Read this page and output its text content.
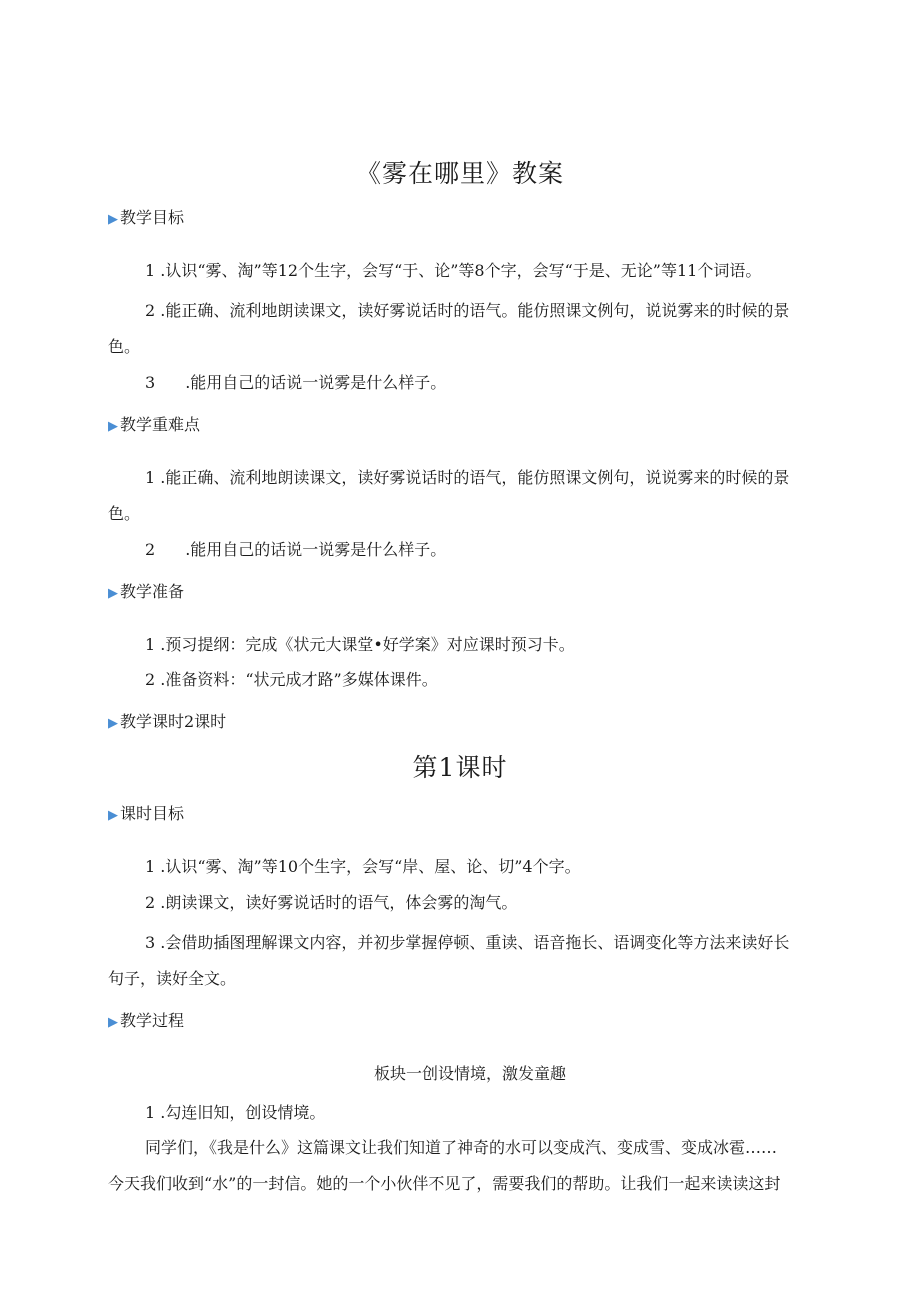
《雾在哪里》教案
▶ 教学目标
1 .认识“雾、淘”等12个生字，会写“于、论”等8个字，会写“于是、无论”等11个词语。
2 .能正确、流利地朗读课文，读好雾说话时的语气。能仿照课文例句，说说雾来的时候的景
色。
3 .能用自己的话说一说雾是什么样子。
▶ 教学重难点
1 .能正确、流利地朗读课文，读好雾说话时的语气，能仿照课文例句，说说雾来的时候的景
色。
2 .能用自己的话说一说雾是什么样子。
▶ 教学准备
1 .预习提纲：完成《状元大课堂•好学案》对应课时预习卡。
2 .准备资料：“状元成才路”多媒体课件。
▶ 教学课时2课时
第1课时
▶ 课时目标
1 .认识“雾、淘”等10个生字，会写“岸、屋、论、切”4个字。
2 .朗读课文，读好雾说话时的语气，体会雾的淘气。
3 .会借助插图理解课文内容，并初步掌握停顿、重读、语音拖长、语调变化等方法来读好长
句子，读好全文。
▶ 教学过程
板块一创设情境，激发童趣
1 .勾连旧知，创设情境。
同学们，《我是什么》这篇课文让我们知道了神奇的水可以变成汽、变成雪、变成冰雹……
今天我们收到“水”的一封信。她的一个小伙伴不见了，需要我们的帮助。让我们一起来读读这封
